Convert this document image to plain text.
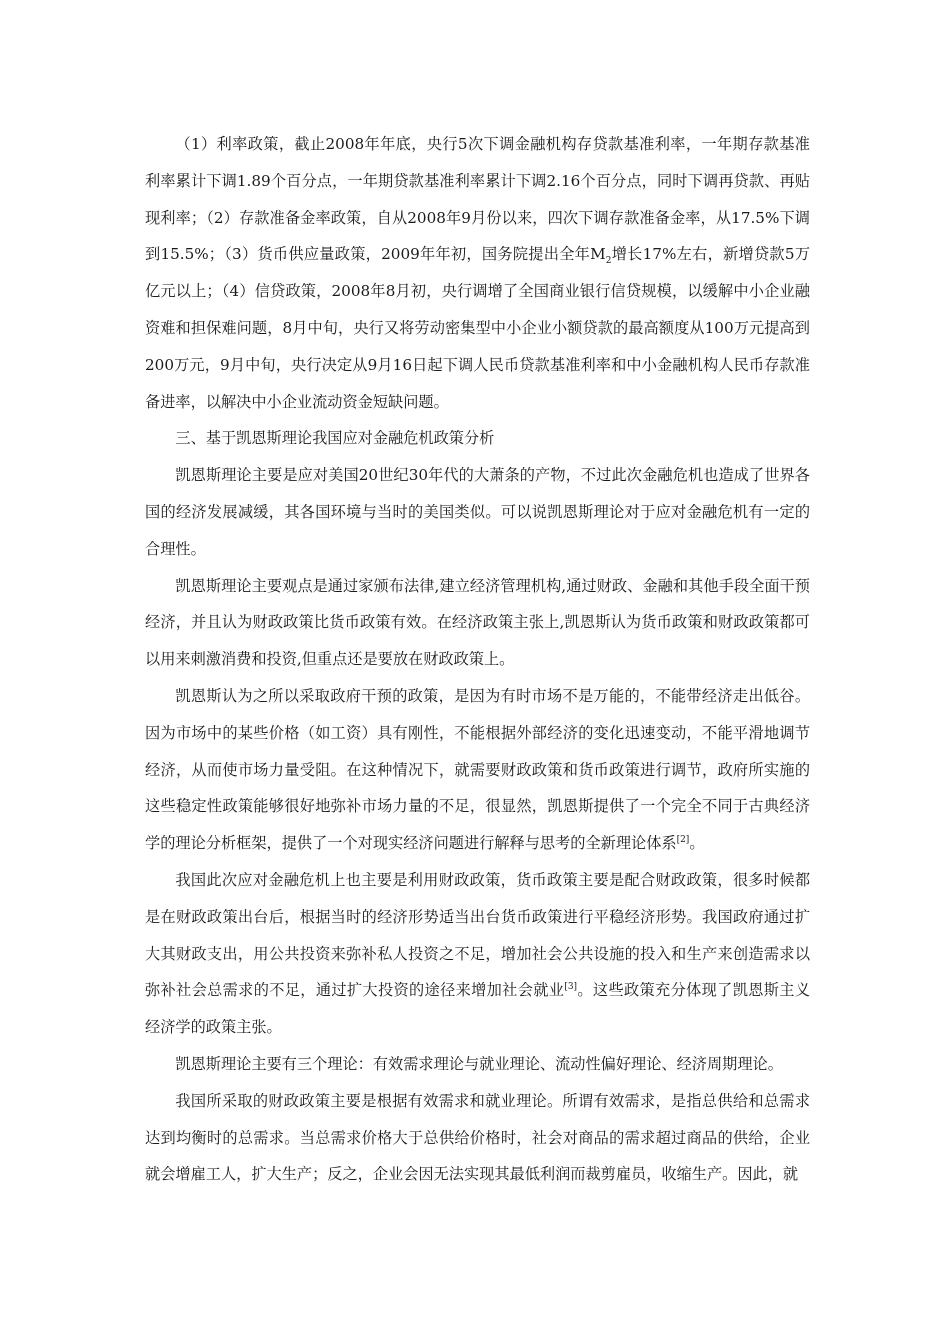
（1）利率政策，截止2008年年底，央行5次下调金融机构存贷款基准利率，一年期存款基准利率累计下调1.89个百分点，一年期贷款基准利率累计下调2.16个百分点，同时下调再贷款、再贴现利率；（2）存款准备金率政策，自从2008年9月份以来，四次下调存款准备金率，从17.5%下调到15.5%；（3）货币供应量政策，2009年年初，国务院提出全年$M_2$增长17%左右，新增贷款5万亿元以上；（4）信贷政策，2008年8月初，央行调增了全国商业银行信贷规模，以缓解中小企业融资难和担保难问题，8月中旬，央行又将劳动密集型中小企业小额贷款的最高额度从100万元提高到200万元，9月中旬，央行决定从9月16日起下调人民币贷款基准利率和中小金融机构人民币存款准备进率，以解决中小企业流动资金短缺问题。

三、基于凯恩斯理论我国应对金融危机政策分析

凯恩斯理论主要是应对美国20世纪30年代的大萧条的产物，不过此次金融危机也造成了世界各国的经济发展减缓，其各国环境与当时的美国类似。可以说凯恩斯理论对于应对金融危机有一定的合理性。

凯恩斯理论主要观点是通过家颁布法律,建立经济管理机构,通过财政、金融和其他手段全面干预经济，并且认为财政政策比货币政策有效。在经济政策主张上,凯恩斯认为货币政策和财政政策都可以用来刺激消费和投资,但重点还是要放在财政政策上。

凯恩斯认为之所以采取政府干预的政策，是因为有时市场不是万能的，不能带经济走出低谷。因为市场中的某些价格（如工资）具有刚性，不能根据外部经济的变化迅速变动，不能平滑地调节经济，从而使市场力量受阻。在这种情况下，就需要财政政策和货币政策进行调节，政府所实施的这些稳定性政策能够很好地弥补市场力量的不足，很显然，凯恩斯提供了一个完全不同于古典经济学的理论分析框架，提供了一个对现实经济问题进行解释与思考的全新理论体系[2]。

我国此次应对金融危机上也主要是利用财政政策，货币政策主要是配合财政政策，很多时候都是在财政政策出台后，根据当时的经济形势适当出台货币政策进行平稳经济形势。我国政府通过扩大其财政支出，用公共投资来弥补私人投资之不足，增加社会公共设施的投入和生产来创造需求以弥补社会总需求的不足，通过扩大投资的途径来增加社会就业[3]。这些政策充分体现了凯恩斯主义经济学的政策主张。

凯恩斯理论主要有三个理论：有效需求理论与就业理论、流动性偏好理论、经济周期理论。

我国所采取的财政政策主要是根据有效需求和就业理论。所谓有效需求，是指总供给和总需求达到均衡时的总需求。当总需求价格大于总供给价格时，社会对商品的需求超过商品的供给，企业就会增雇工人，扩大生产；反之，企业会因无法实现其最低利润而裁剪雇员，收缩生产。因此，就
